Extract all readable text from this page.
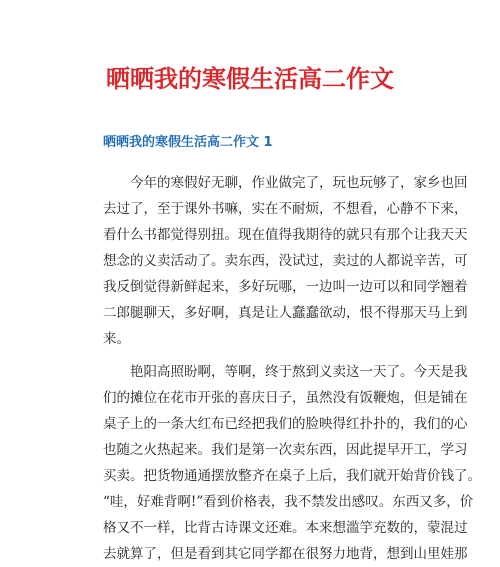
晒晒我的寒假生活高二作文
晒晒我的寒假生活高二作文 1
今年的寒假好无聊，作业做完了，玩也玩够了，家乡也回
去过了，至于课外书嘛，实在不耐烦，不想看，心静不下来，
看什么书都觉得别扭。现在值得我期待的就只有那个让我天天
想念的义卖活动了。卖东西，没试过，卖过的人都说辛苦，可
我反倒觉得新鲜起来，多好玩哪，一边叫一边可以和同学翘着
二郎腿聊天，多好啊，真是让人蠢蠢欲动，恨不得那天马上到
来。
艳阳高照盼啊，等啊，终于熬到义卖这一天了。今天是我
们的摊位在花市开张的喜庆日子，虽然没有饭鞭炮，但是铺在
桌子上的一条大红布已经把我们的脸映得红扑扑的，我们的心
也随之火热起来。我们是第一次卖东西，因此提早开工，学习
买卖。把货物通通摆放整齐在桌子上后，我们就开始背价钱了。
“哇，好难背啊!”看到价格表，我不禁发出感叹。东西又多，价
格又不一样，比背古诗课文还难。本来想滥竽充数的，蒙混过
去就算了，但是看到其它同学都在很努力地背，想到山里娃那
